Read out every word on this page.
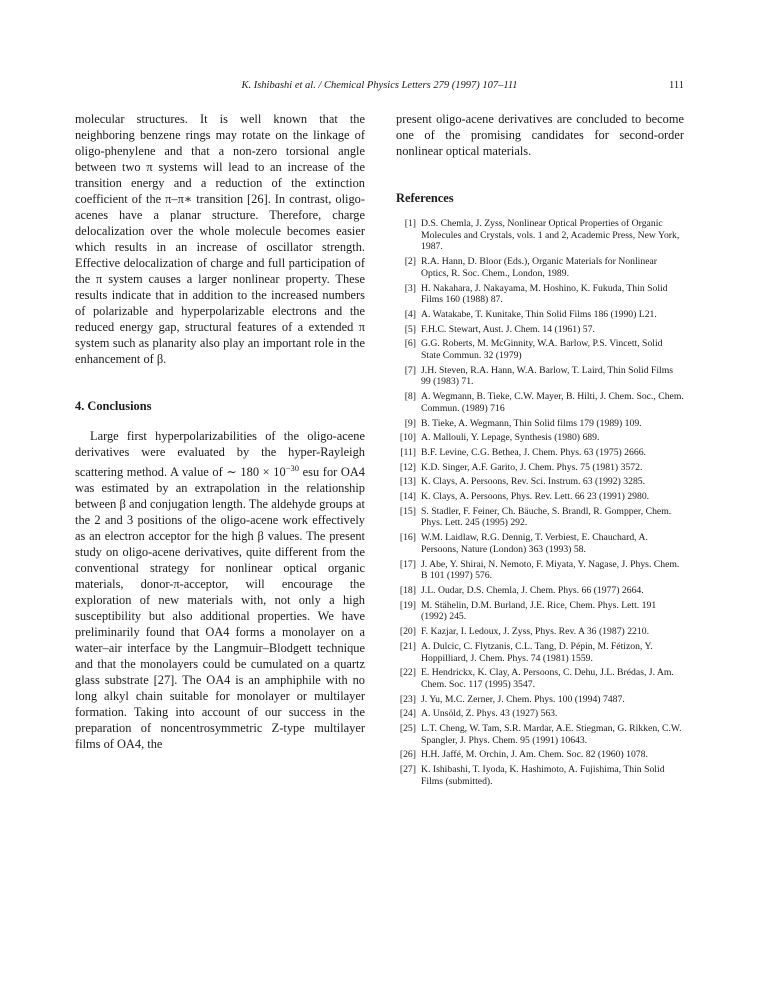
K. Ishibashi et al. / Chemical Physics Letters 279 (1997) 107–111	111

molecular structures. It is well known that the neighboring benzene rings may rotate on the linkage of oligo-phenylene and that a non-zero torsional angle between two π systems will lead to an increase of the transition energy and a reduction of the extinction coefficient of the π–π∗ transition [26]. In contrast, oligo-acenes have a planar structure. Therefore, charge delocalization over the whole molecule becomes easier which results in an increase of oscillator strength. Effective delocalization of charge and full participation of the π system causes a larger nonlinear property. These results indicate that in addition to the increased numbers of polarizable and hyperpolarizable electrons and the reduced energy gap, structural features of a extended π system such as planarity also play an important role in the enhancement of β.

4. Conclusions

Large first hyperpolarizabilities of the oligo-acene derivatives were evaluated by the hyper-Rayleigh scattering method. A value of ∼ $180 \times 10^{-30}$ esu for OA4 was estimated by an extrapolation in the relationship between β and conjugation length. The aldehyde groups at the 2 and 3 positions of the oligo-acene work effectively as an electron acceptor for the high β values. The present study on oligo-acene derivatives, quite different from the conventional strategy for nonlinear optical organic materials, donor-π-acceptor, will encourage the exploration of new materials with, not only a high susceptibility but also additional properties. We have preliminarily found that OA4 forms a monolayer on a water–air interface by the Langmuir–Blodgett technique and that the monolayers could be cumulated on a quartz glass substrate [27]. The OA4 is an amphiphile with no long alkyl chain suitable for monolayer or multilayer formation. Taking into account of our success in the preparation of noncentrosymmetric Z-type multilayer films of OA4, the

present oligo-acene derivatives are concluded to become one of the promising candidates for second-order nonlinear optical materials.

References
[1] D.S. Chemla, J. Zyss, Nonlinear Optical Properties of Organic Molecules and Crystals, vols. 1 and 2, Academic Press, New York, 1987.
[2] R.A. Hann, D. Bloor (Eds.), Organic Materials for Nonlinear Optics, R. Soc. Chem., London, 1989.
[3] H. Nakahara, J. Nakayama, M. Hoshino, K. Fukuda, Thin Solid Films 160 (1988) 87.
[4] A. Watakabe, T. Kunitake, Thin Solid Films 186 (1990) L21.
[5] F.H.C. Stewart, Aust. J. Chem. 14 (1961) 57.
[6] G.G. Roberts, M. McGinnity, W.A. Barlow, P.S. Vincett, Solid State Commun. 32 (1979)
[7] J.H. Steven, R.A. Hann, W.A. Barlow, T. Laird, Thin Solid Films 99 (1983) 71.
[8] A. Wegmann, B. Tieke, C.W. Mayer, B. Hilti, J. Chem. Soc., Chem. Commun. (1989) 716
[9] B. Tieke, A. Wegmann, Thin Solid films 179 (1989) 109.
[10] A. Mallouli, Y. Lepage, Synthesis (1980) 689.
[11] B.F. Levine, C.G. Bethea, J. Chem. Phys. 63 (1975) 2666.
[12] K.D. Singer, A.F. Garito, J. Chem. Phys. 75 (1981) 3572.
[13] K. Clays, A. Persoons, Rev. Sci. Instrum. 63 (1992) 3285.
[14] K. Clays, A. Persoons, Phys. Rev. Lett. 66 23 (1991) 2980.
[15] S. Stadler, F. Feiner, Ch. Bäuche, S. Brandl, R. Gompper, Chem. Phys. Lett. 245 (1995) 292.
[16] W.M. Laidlaw, R.G. Dennig, T. Verbiest, E. Chauchard, A. Persoons, Nature (London) 363 (1993) 58.
[17] J. Abe, Y. Shirai, N. Nemoto, F. Miyata, Y. Nagase, J. Phys. Chem. B 101 (1997) 576.
[18] J.L. Oudar, D.S. Chemla, J. Chem. Phys. 66 (1977) 2664.
[19] M. Stähelin, D.M. Burland, J.E. Rice, Chem. Phys. Lett. 191 (1992) 245.
[20] F. Kazjar, I. Ledoux, J. Zyss, Phys. Rev. A 36 (1987) 2210.
[21] A. Dulcic, C. Flytzanis, C.L. Tang, D. Pépin, M. Fétizon, Y. Hoppilliard, J. Chem. Phys. 74 (1981) 1559.
[22] E. Hendrickx, K. Clay, A. Persoons, C. Dehu, J.L. Brédas, J. Am. Chem. Soc. 117 (1995) 3547.
[23] J. Yu, M.C. Zerner, J. Chem. Phys. 100 (1994) 7487.
[24] A. Unsöld, Z. Phys. 43 (1927) 563.
[25] L.T. Cheng, W. Tam, S.R. Mardar, A.E. Stiegman, G. Rikken, C.W. Spangler, J. Phys. Chem. 95 (1991) 10643.
[26] H.H. Jaffé, M. Orchin, J. Am. Chem. Soc. 82 (1960) 1078.
[27] K. Ishibashi, T. Iyoda, K. Hashimoto, A. Fujishima, Thin Solid Films (submitted).
